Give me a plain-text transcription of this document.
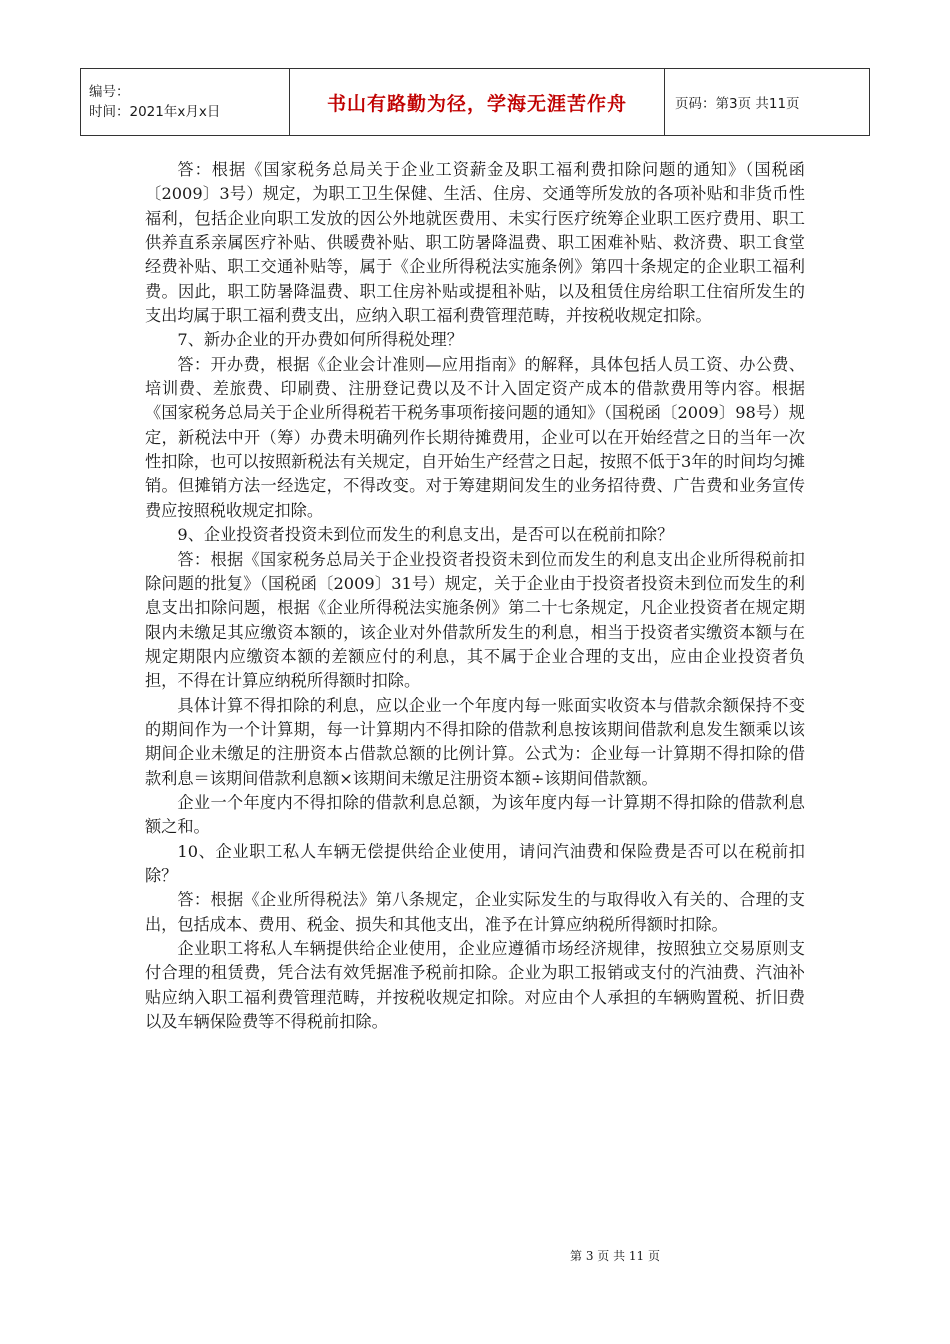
编号：
时间：2021年x月x日	书山有路勤为径，学海无涯苦作舟	页码：第3页 共11页

答：根据《国家税务总局关于企业工资薪金及职工福利费扣除问题的通知》（国税函〔2009〕3号）规定，为职工卫生保健、生活、住房、交通等所发放的各项补贴和非货币性福利，包括企业向职工发放的因公外地就医费用、未实行医疗统筹企业职工医疗费用、职工供养直系亲属医疗补贴、供暖费补贴、职工防暑降温费、职工困难补贴、救济费、职工食堂经费补贴、职工交通补贴等，属于《企业所得税法实施条例》第四十条规定的企业职工福利费。因此，职工防暑降温费、职工住房补贴或提租补贴，以及租赁住房给职工住宿所发生的支出均属于职工福利费支出，应纳入职工福利费管理范畴，并按税收规定扣除。

7、新办企业的开办费如何所得税处理？

答：开办费，根据《企业会计准则—应用指南》的解释，具体包括人员工资、办公费、培训费、差旅费、印刷费、注册登记费以及不计入固定资产成本的借款费用等内容。根据《国家税务总局关于企业所得税若干税务事项衔接问题的通知》（国税函〔2009〕98号）规定，新税法中开（筹）办费未明确列作长期待摊费用，企业可以在开始经营之日的当年一次性扣除，也可以按照新税法有关规定，自开始生产经营之日起，按照不低于3年的时间均匀摊销。但摊销方法一经选定，不得改变。对于筹建期间发生的业务招待费、广告费和业务宣传费应按照税收规定扣除。

9、企业投资者投资未到位而发生的利息支出，是否可以在税前扣除？

答：根据《国家税务总局关于企业投资者投资未到位而发生的利息支出企业所得税前扣除问题的批复》（国税函〔2009〕31号）规定，关于企业由于投资者投资未到位而发生的利息支出扣除问题，根据《企业所得税法实施条例》第二十七条规定，凡企业投资者在规定期限内未缴足其应缴资本额的，该企业对外借款所发生的利息，相当于投资者实缴资本额与在规定期限内应缴资本额的差额应付的利息，其不属于企业合理的支出，应由企业投资者负担，不得在计算应纳税所得额时扣除。

具体计算不得扣除的利息，应以企业一个年度内每一账面实收资本与借款余额保持不变的期间作为一个计算期，每一计算期内不得扣除的借款利息按该期间借款利息发生额乘以该期间企业未缴足的注册资本占借款总额的比例计算。公式为：企业每一计算期不得扣除的借款利息＝该期间借款利息额×该期间未缴足注册资本额÷该期间借款额。

企业一个年度内不得扣除的借款利息总额，为该年度内每一计算期不得扣除的借款利息额之和。

10、企业职工私人车辆无偿提供给企业使用，请问汽油费和保险费是否可以在税前扣除？

答：根据《企业所得税法》第八条规定，企业实际发生的与取得收入有关的、合理的支出，包括成本、费用、税金、损失和其他支出，准予在计算应纳税所得额时扣除。

企业职工将私人车辆提供给企业使用，企业应遵循市场经济规律，按照独立交易原则支付合理的租赁费，凭合法有效凭据准予税前扣除。企业为职工报销或支付的汽油费、汽油补贴应纳入职工福利费管理范畴，并按税收规定扣除。对应由个人承担的车辆购置税、折旧费以及车辆保险费等不得税前扣除。

第 3 页 共 11 页
